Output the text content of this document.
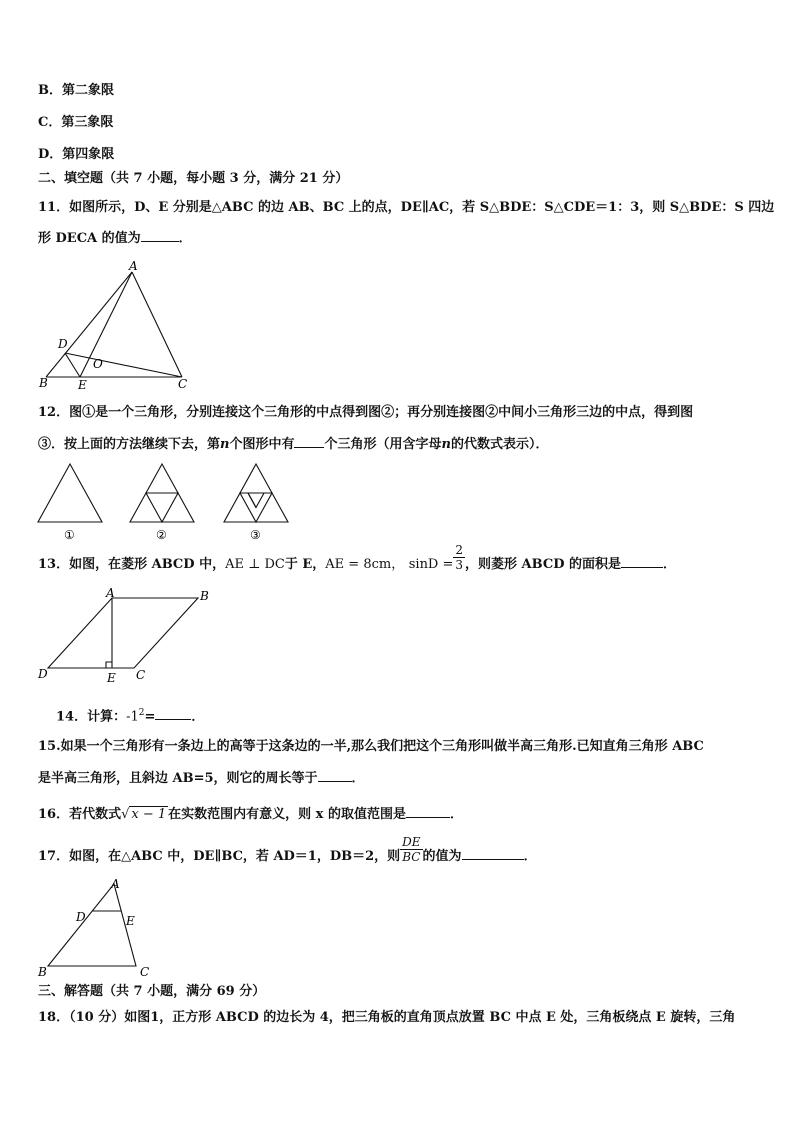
B．第二象限
C．第三象限
D．第四象限
二、填空题（共 7 小题，每小题 3 分，满分 21 分）
11．如图所示，D、E 分别是△ABC 的边 AB、BC 上的点，DE∥AC，若 S△BDE：S△CDE＝1：3，则 S△BDE：S 四边
形 DECA 的值为	．
A
D
O
B	E	C
12．图①是一个三角形，分别连接这个三角形的中点得到图②；再分别连接图②中间小三角形三边的中点，得到图
③．按上面的方法继续下去，第n个图形中有 个三角形（用含字母n的代数式表示）．
①	②	③
13．如图，在菱形 ABCD 中，AE ⊥ DC于 E，AE = 8cm， $\sin D = \frac{2}{3}$ ，则菱形 ABCD 的面积是	．
A	B
D	E C
14．计算：$-1^2=$	．
15.如果一个三角形有一条边上的高等于这条边的一半,那么我们把这个三角形叫做半高三角形.已知直角三角形 ABC
是半高三角形，且斜边 AB=5，则它的周长等于	．
16．若代数式√ x − 1 在实数范围内有意义，则 x 的取值范围是	．
17．如图，在△ABC 中，DE∥BC，若 AD＝1，DB＝2，则 $\frac{DE}{BC}$ 的值为	．
A
D	E
B	C
三、解答题（共 7 小题，满分 69 分）
18．（10 分）如图1，正方形 ABCD 的边长为 4，把三角板的直角顶点放置 BC 中点 E 处，三角板绕点 E 旋转，三角
